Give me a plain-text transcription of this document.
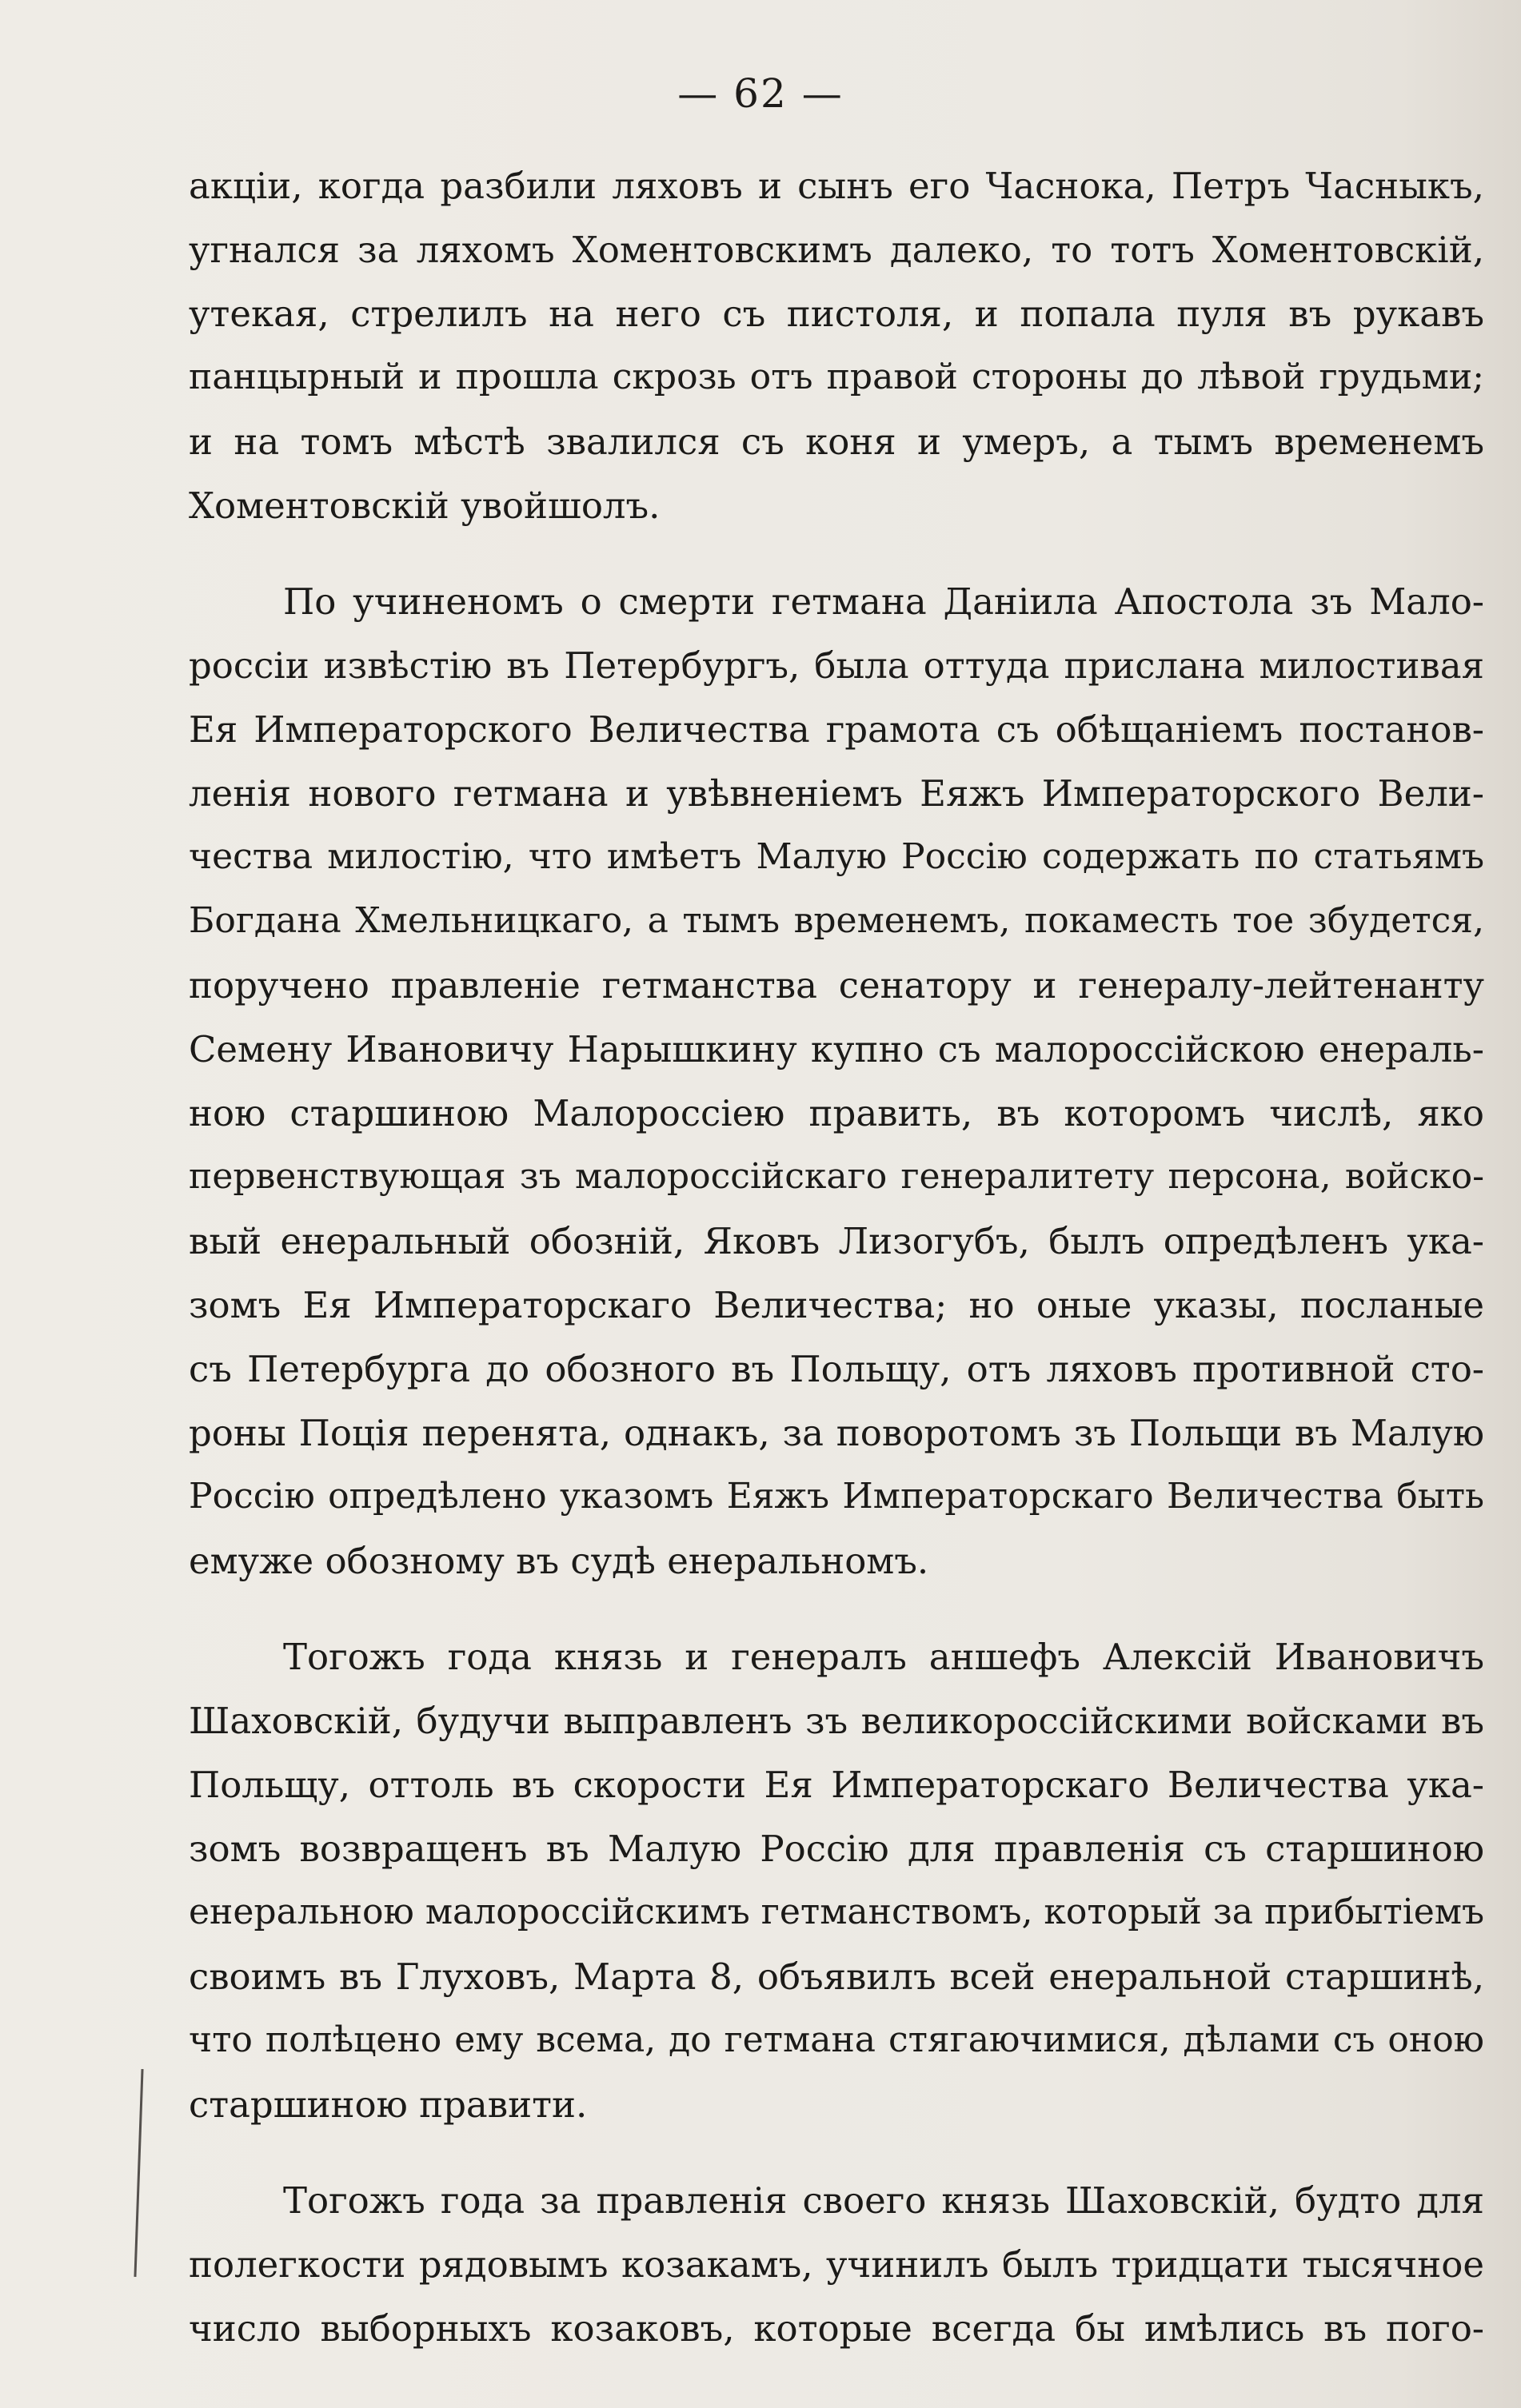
— 62 —

акціи, когда разбили ляховъ и сынъ его Часнока, Петръ Часныкъ,
угнался за ляхомъ Хоментовскимъ далеко, то тотъ Хоментовскій,
утекая, стрелилъ на него съ пистоля, и попала пуля въ рукавъ
панцырный и прошла скрозь отъ правой стороны до лѣвой грудьми;
и на томъ мѣстѣ звалился съ коня и умеръ, а тымъ временемъ
Хоментовскій увойшолъ.
По учиненомъ о смерти гетмана Даніила Апостола зъ Мало-
россіи извѣстію въ Петербургъ, была оттуда прислана милостивая
Ея Императорского Величества грамота съ обѣщаніемъ постанов-
ленія нового гетмана и увѣвненіемъ Еяжъ Императорского Вели-
чества милостію, что имѣетъ Малую Россію содержать по статьямъ
Богдана Хмельницкаго, а тымъ временемъ, покаместь тое збудется,
поручено правленіе гетманства сенатору и генералу-лейтенанту
Семену Ивановичу Нарышкину купно съ малороссійскою енераль-
ною старшиною Малороссіею править, въ которомъ числѣ, яко
первенствующая зъ малороссійскаго генералитету персона, войско-
вый енеральный обозній, Яковъ Лизогубъ, былъ опредѣленъ ука-
зомъ Ея Императорскаго Величества; но оные указы, посланые
съ Петербурга до обозного въ Польщу, отъ ляховъ противной сто-
роны Поція перенята, однакъ, за поворотомъ зъ Польщи въ Малую
Россію опредѣлено указомъ Еяжъ Императорскаго Величества быть
емужe обозному въ судѣ енеральномъ.
Тогожъ года князь и генералъ аншефъ Алексій Ивановичъ
Шаховскій, будучи выправленъ зъ великороссійскими войсками въ
Польщу, оттоль въ скорости Ея Императорскаго Величества ука-
зомъ возвращенъ въ Малую Россію для правленія съ старшиною
енеральною малороссійскимъ гетманствомъ, который за прибытіемъ
своимъ въ Глуховъ, Марта 8, объявилъ всей енеральной старшинѣ,
что полѣцено ему всема, до гетмана стягаючимися, дѣлами съ оною
старшиною правити.
Тогожъ года за правленія своего князь Шаховскій, будто для
полегкости рядовымъ козакамъ, учинилъ былъ тридцати тысячное
число выборныхъ козаковъ, которые всегда бы имѣлись въ пого-
